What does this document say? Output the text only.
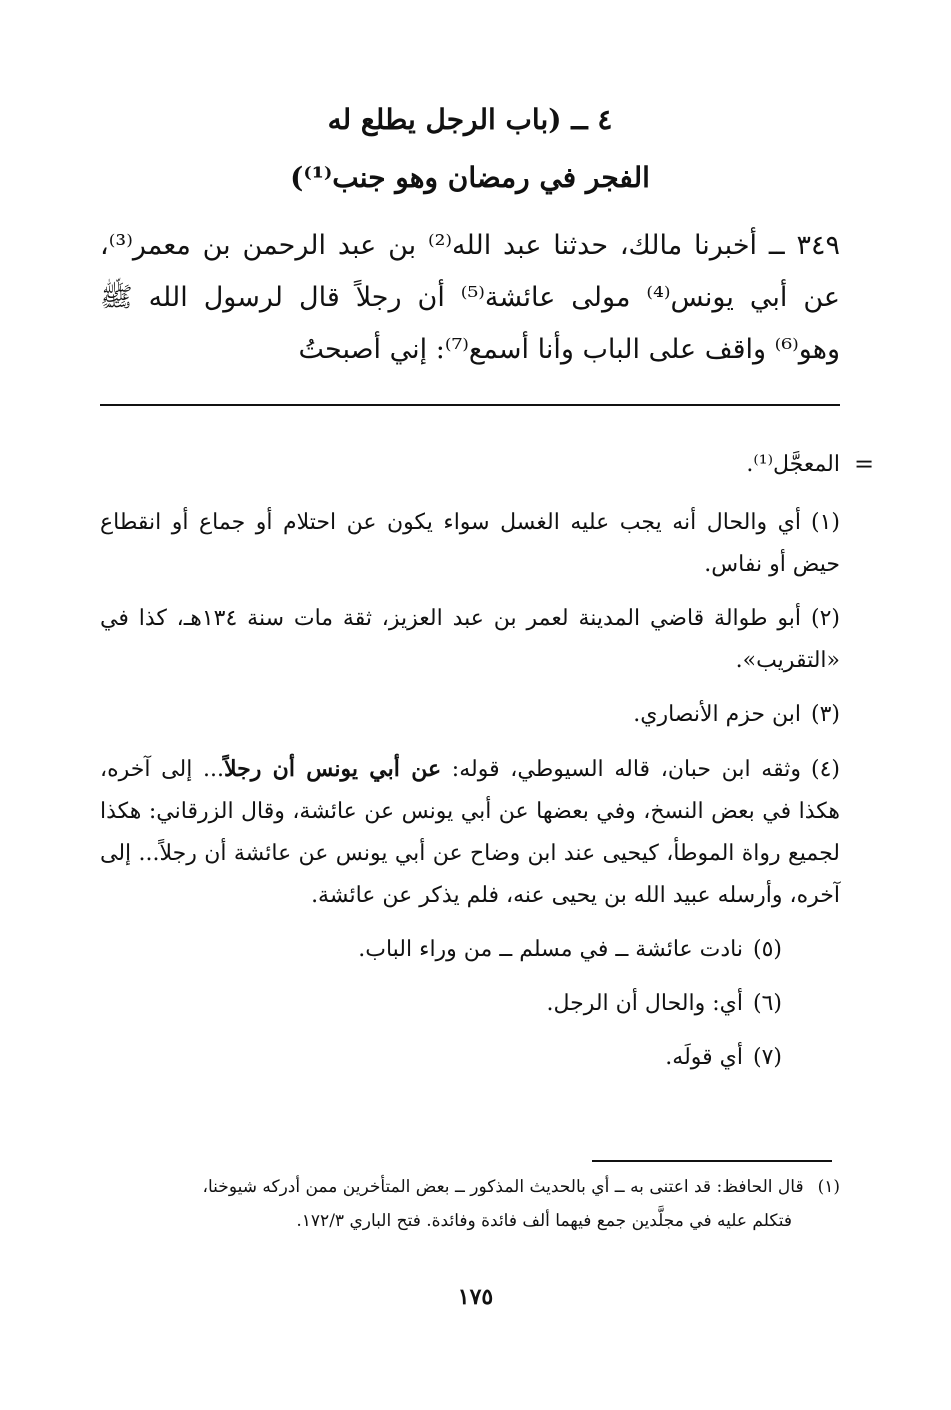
٤ ــ (باب الرجل يطلع له
الفجر في رمضان وهو جنب⁽¹⁾)
٣٤٩ ــ أخبرنا مالك، حدثنا عبد الله⁽²⁾ بن عبد الرحمن بن معمر⁽³⁾، عن أبي يونس⁽⁴⁾ مولى عائشة⁽⁵⁾ أن رجلاً قال لرسول الله ﷺ وهو⁽⁶⁾ واقف على الباب وأنا أسمع⁽⁷⁾: إني أصبحتُ
=

المعجَّل⁽¹⁾.

(١)أي والحال أنه يجب عليه الغسل سواء يكون عن احتلام أو جماع أو انقطاع حيض أو نفاس.

(٢)أبو طوالة قاضي المدينة لعمر بن عبد العزيز، ثقة مات سنة ١٣٤هـ، كذا في «التقريب».

(٣)ابن حزم الأنصاري.

(٤)وثقه ابن حبان، قاله السيوطي، قوله: عن أبي يونس أن رجلاً... إلى آخره، هكذا في بعض النسخ، وفي بعضها عن أبي يونس عن عائشة، وقال الزرقاني: هكذا لجميع رواة الموطأ، كيحيى عند ابن وضاح عن أبي يونس عن عائشة أن رجلاً... إلى آخره، وأرسله عبيد الله بن يحيى عنه، فلم يذكر عن عائشة.

(٥)نادت عائشة ــ في مسلم ــ من وراء الباب.

(٦)أي: والحال أن الرجل.

(٧)أي قولَه.

(١)قال الحافظ: قد اعتنى به ــ أي بالحديث المذكور ــ بعض المتأخرين ممن أدركه شيوخنا،
فتكلم عليه في مجلَّدين جمع فيهما ألف فائدة وفائدة. فتح الباري ١٧٢/٣.
١٧٥
